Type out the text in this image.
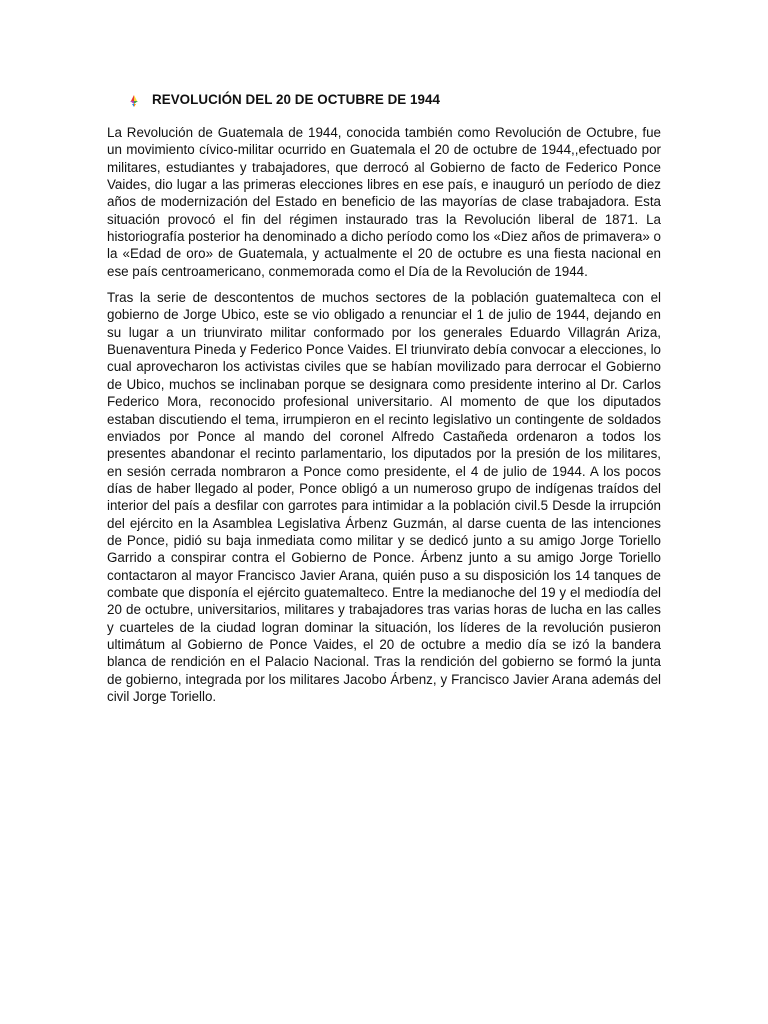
REVOLUCIÓN DEL 20 DE OCTUBRE DE 1944

La Revolución de Guatemala de 1944, conocida también como Revolución de Octubre, fue un movimiento cívico-militar ocurrido en Guatemala el 20 de octubre de 1944,,efectuado por militares, estudiantes y trabajadores, que derrocó al Gobierno de facto de Federico Ponce Vaides, dio lugar a las primeras elecciones libres en ese país, e inauguró un período de diez años de modernización del Estado en beneficio de las mayorías de clase trabajadora. Esta situación provocó el fin del régimen instaurado tras la Revolución liberal de 1871. La historiografía posterior ha denominado a dicho período como los «Diez años de primavera» o la «Edad de oro» de Guatemala, y actualmente el 20 de octubre es una fiesta nacional en ese país centroamericano, conmemorada como el Día de la Revolución de 1944.

Tras la serie de descontentos de muchos sectores de la población guatemalteca con el gobierno de Jorge Ubico, este se vio obligado a renunciar el 1 de julio de 1944, dejando en su lugar a un triunvirato militar conformado por los generales Eduardo Villagrán Ariza, Buenaventura Pineda y Federico Ponce Vaides. El triunvirato debía convocar a elecciones, lo cual aprovecharon los activistas civiles que se habían movilizado para derrocar el Gobierno de Ubico, muchos se inclinaban porque se designara como presidente interino al Dr. Carlos Federico Mora, reconocido profesional universitario. Al momento de que los diputados estaban discutiendo el tema, irrumpieron en el recinto legislativo un contingente de soldados enviados por Ponce al mando del coronel Alfredo Castañeda ordenaron a todos los presentes abandonar el recinto parlamentario, los diputados por la presión de los militares, en sesión cerrada nombraron a Ponce como presidente, el 4 de julio de 1944. A los pocos días de haber llegado al poder, Ponce obligó a un numeroso grupo de indígenas traídos del interior del país a desfilar con garrotes para intimidar a la población civil.5 Desde la irrupción del ejército en la Asamblea Legislativa Árbenz Guzmán, al darse cuenta de las intenciones de Ponce, pidió su baja inmediata como militar y se dedicó junto a su amigo Jorge Toriello Garrido a conspirar contra el Gobierno de Ponce. Árbenz junto a su amigo Jorge Toriello contactaron al mayor Francisco Javier Arana, quién puso a su disposición los 14 tanques de combate que disponía el ejército guatemalteco. Entre la medianoche del 19 y el mediodía del 20 de octubre, universitarios, militares y trabajadores tras varias horas de lucha en las calles y cuarteles de la ciudad logran dominar la situación, los líderes de la revolución pusieron ultimátum al Gobierno de Ponce Vaides, el 20 de octubre a medio día se izó la bandera blanca de rendición en el Palacio Nacional. Tras la rendición del gobierno se formó la junta de gobierno, integrada por los militares Jacobo Árbenz, y Francisco Javier Arana además del civil Jorge Toriello.
